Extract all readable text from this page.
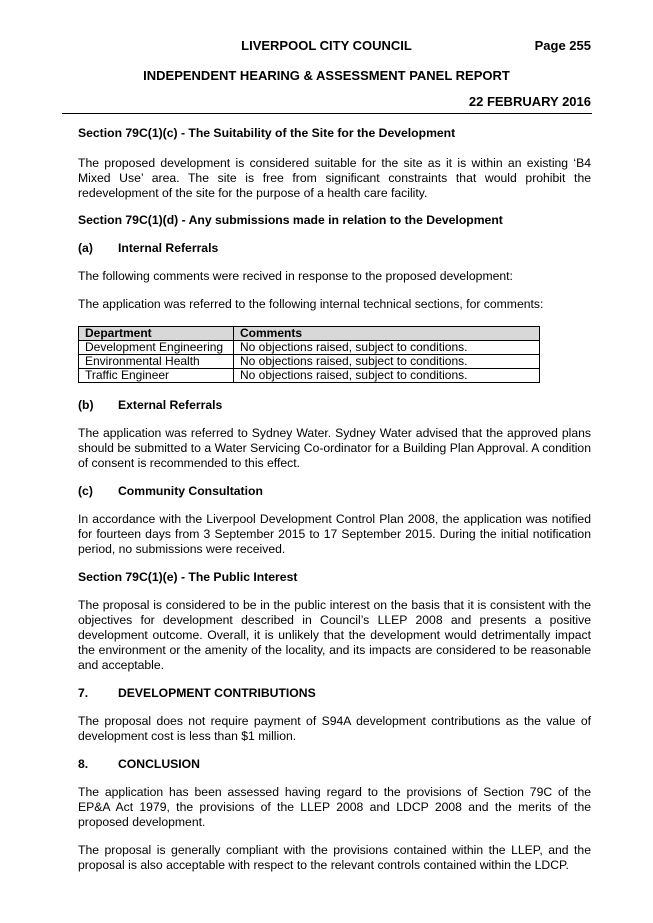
LIVERPOOL CITY COUNCIL	Page 255
INDEPENDENT HEARING & ASSESSMENT PANEL REPORT
22 FEBRUARY 2016

Section 79C(1)(c) - The Suitability of the Site for the Development

The proposed development is considered suitable for the site as it is within an existing ‘B4 Mixed Use’ area. The site is free from significant constraints that would prohibit the redevelopment of the site for the purpose of a health care facility.

Section 79C(1)(d) - Any submissions made in relation to the Development

(a) Internal Referrals

The following comments were recived in response to the proposed development:

The application was referred to the following internal technical sections, for comments:

Department	Comments
Development Engineering	No objections raised, subject to conditions.
Environmental Health	No objections raised, subject to conditions.
Traffic Engineer	No objections raised, subject to conditions.

(b) External Referrals

The application was referred to Sydney Water. Sydney Water advised that the approved plans should be submitted to a Water Servicing Co-ordinator for a Building Plan Approval. A condition of consent is recommended to this effect.

(c) Community Consultation

In accordance with the Liverpool Development Control Plan 2008, the application was notified for fourteen days from 3 September 2015 to 17 September 2015. During the initial notification period, no submissions were received.

Section 79C(1)(e) - The Public Interest

The proposal is considered to be in the public interest on the basis that it is consistent with the objectives for development described in Council’s LLEP 2008 and presents a positive development outcome. Overall, it is unlikely that the development would detrimentally impact the environment or the amenity of the locality, and its impacts are considered to be reasonable and acceptable.

7. DEVELOPMENT CONTRIBUTIONS

The proposal does not require payment of S94A development contributions as the value of development cost is less than $1 million.

8. CONCLUSION

The application has been assessed having regard to the provisions of Section 79C of the EP&A Act 1979, the provisions of the LLEP 2008 and LDCP 2008 and the merits of the proposed development.

The proposal is generally compliant with the provisions contained within the LLEP, and the proposal is also acceptable with respect to the relevant controls contained within the LDCP.
